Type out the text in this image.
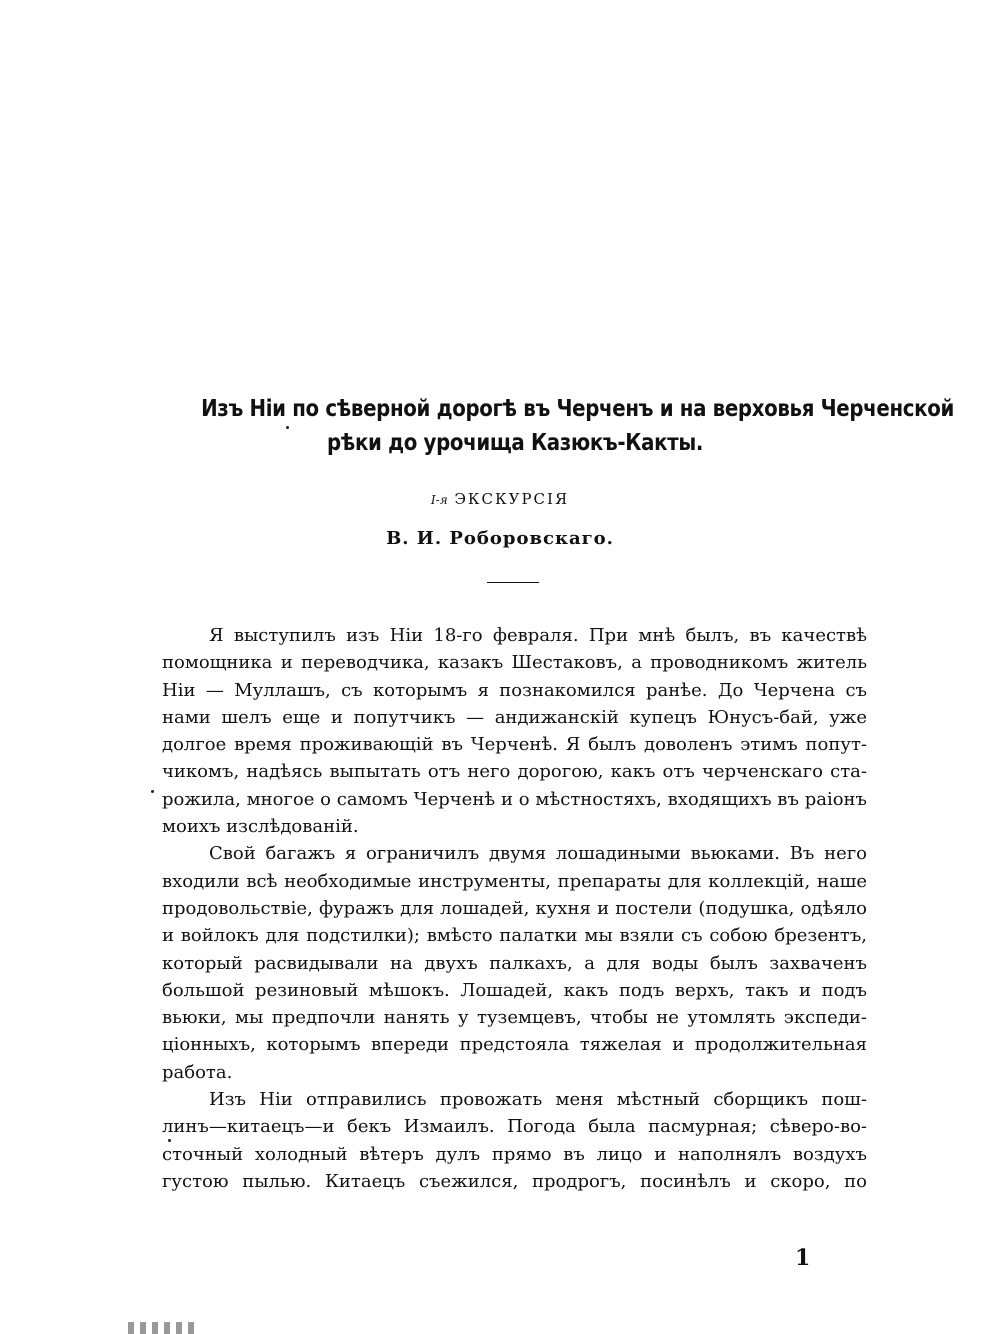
Изъ Ніи по сѣверной дорогѣ въ Черченъ и на верховья Черченской
рѣки до урочища Казюкъ-Какты.
I-я ЭКСКУРСІЯ
В. И. Роборовскаго.
Я выступилъ изъ Ніи 18-го февраля. При мнѣ былъ, въ качествѣ
помощника и переводчика, казакъ Шестаковъ, а проводникомъ житель
Ніи — Муллашъ, съ которымъ я познакомился ранѣе. До Черчена съ
нами шелъ еще и попутчикъ — андижанскій купецъ Юнусъ-бай, уже
долгое время проживающій въ Черченѣ. Я былъ доволенъ этимъ попут-
чикомъ, надѣясь выпытать отъ него дорогою, какъ отъ черченскаго ста-
рожила, многое о самомъ Черченѣ и о мѣстностяхъ, входящихъ въ раіонъ
моихъ изслѣдованій.
Свой багажъ я ограничилъ двумя лошадиными вьюками. Въ него
входили всѣ необходимые инструменты, препараты для коллекцій, наше
продовольствіе, фуражъ для лошадей, кухня и постели (подушка, одѣяло
и войлокъ для подстилки); вмѣсто палатки мы взяли съ собою брезентъ,
который расвидывали на двухъ палкахъ, а для воды былъ захваченъ
большой резиновый мѣшокъ. Лошадей, какъ подъ верхъ, такъ и подъ
вьюки, мы предпочли нанять у туземцевъ, чтобы не утомлять экспеди-
ціонныхъ, которымъ впереди предстояла тяжелая и продолжительная
работа.
Изъ Ніи отправились провожать меня мѣстный сборщикъ пош-
линъ—китаецъ—и бекъ Измаилъ. Погода была пасмурная; сѣверо-во-
сточный холодный вѣтеръ дулъ прямо въ лицо и наполнялъ воздухъ
густою пылью. Китаецъ съежился, продрогъ, посинѣлъ и скоро, по
1
